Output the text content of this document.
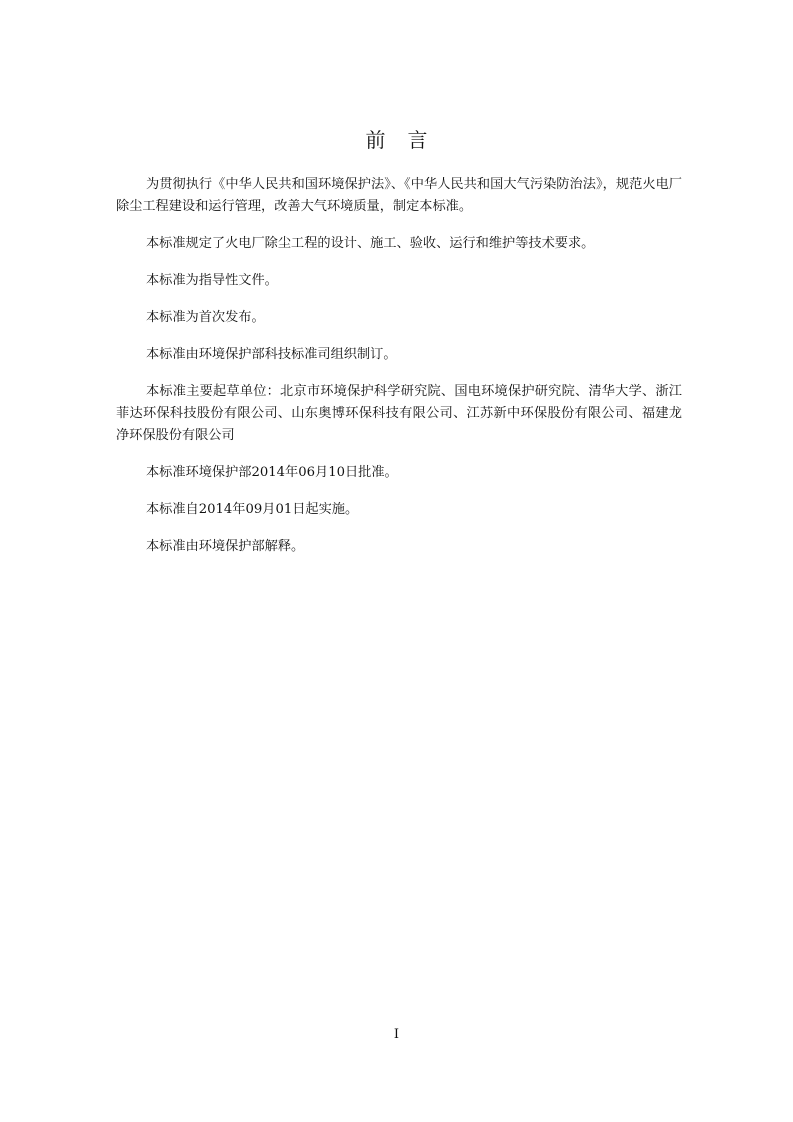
前言

为贯彻执行《中华人民共和国环境保护法》、《中华人民共和国大气污染防治法》，规范火电厂除尘工程建设和运行管理，改善大气环境质量，制定本标准。

本标准规定了火电厂除尘工程的设计、施工、验收、运行和维护等技术要求。

本标准为指导性文件。

本标准为首次发布。

本标准由环境保护部科技标准司组织制订。

本标准主要起草单位：北京市环境保护科学研究院、国电环境保护研究院、清华大学、浙江菲达环保科技股份有限公司、山东奥博环保科技有限公司、江苏新中环保股份有限公司、福建龙净环保股份有限公司

本标准环境保护部2014年06月10日批准。

本标准自2014年09月01日起实施。

本标准由环境保护部解释。

I
